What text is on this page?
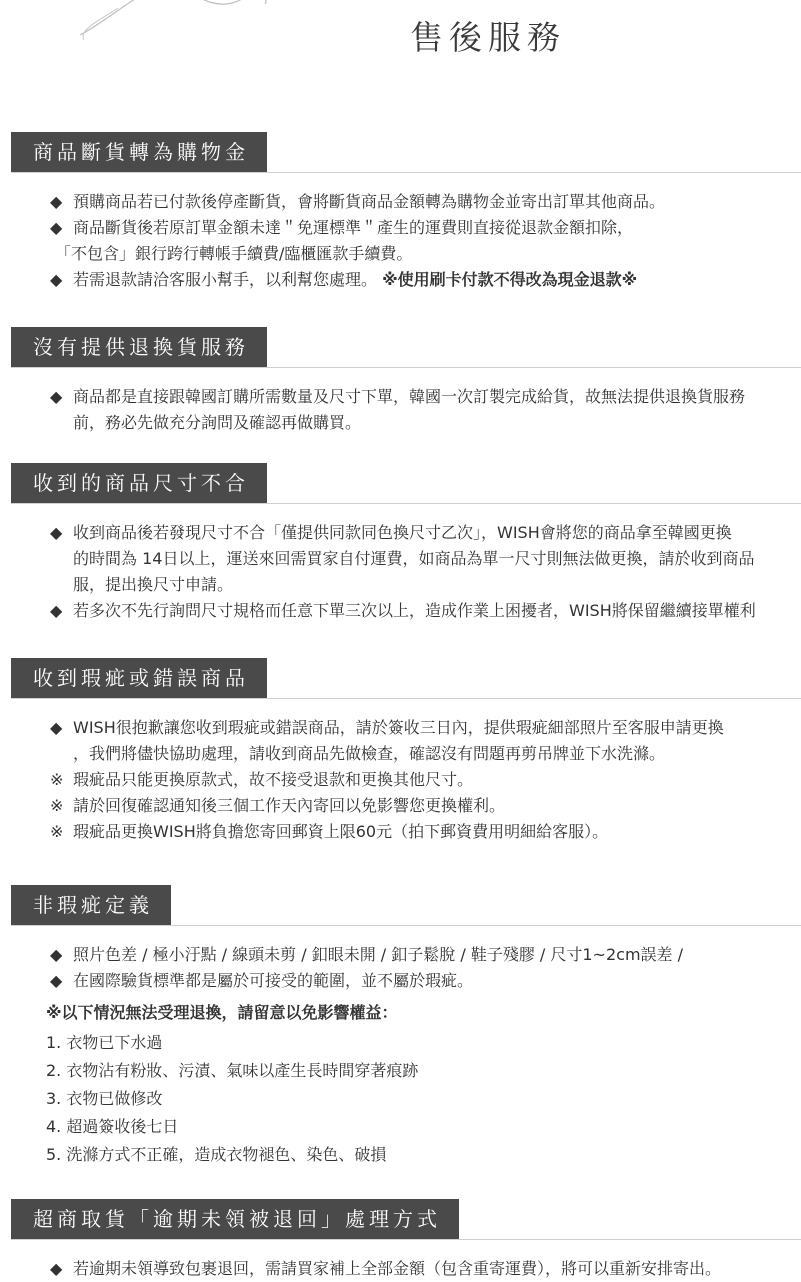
售後服務
商品斷貨轉為購物金
◆ 預購商品若已付款後停產斷貨，會將斷貨商品金額轉為購物金並寄出訂單其他商品。
◆ 商品斷貨後若原訂單金額未達＂免運標準＂產生的運費則直接從退款金額扣除，
「不包含」銀行跨行轉帳手續費/臨櫃匯款手續費。
◆ 若需退款請洽客服小幫手，以利幫您處理。 ※使用刷卡付款不得改為現金退款※
沒有提供退換貨服務
◆ 商品都是直接跟韓國訂購所需數量及尺寸下單，韓國一次訂製完成給貨，故無法提供退換貨服務
前，務必先做充分詢問及確認再做購買。
收到的商品尺寸不合
◆ 收到商品後若發現尺寸不合「僅提供同款同色換尺寸乙次」，WISH會將您的商品拿至韓國更換
的時間為 14日以上，運送來回需買家自付運費，如商品為單一尺寸則無法做更換，請於收到商品
服，提出換尺寸申請。
◆ 若多次不先行詢問尺寸規格而任意下單三次以上，造成作業上困擾者，WISH將保留繼續接單權利
收到瑕疵或錯誤商品
◆ WISH很抱歉讓您收到瑕疵或錯誤商品，請於簽收三日內，提供瑕疵細部照片至客服申請更換
，我們將儘快協助處理，請收到商品先做檢查，確認沒有問題再剪吊牌並下水洗滌。
※ 瑕疵品只能更換原款式，故不接受退款和更換其他尺寸。
※ 請於回復確認通知後三個工作天內寄回以免影響您更換權利。
※ 瑕疵品更換WISH將負擔您寄回郵資上限60元（拍下郵資費用明細給客服）。
非瑕疵定義
◆ 照片色差 / 極小汙點 / 線頭未剪 / 釦眼未開 / 釦子鬆脫 / 鞋子殘膠 / 尺寸1~2cm誤差 /
◆ 在國際驗貨標準都是屬於可接受的範圍，並不屬於瑕疵。
※以下情況無法受理退換，請留意以免影響權益：
1. 衣物已下水過
2. 衣物沾有粉妝、污漬、氣味以產生長時間穿著痕跡
3. 衣物已做修改
4. 超過簽收後七日
5. 洗滌方式不正確，造成衣物褪色、染色、破損
超商取貨「逾期未領被退回」處理方式
◆ 若逾期未領導致包裹退回，需請買家補上全部金額（包含重寄運費），將可以重新安排寄出。
